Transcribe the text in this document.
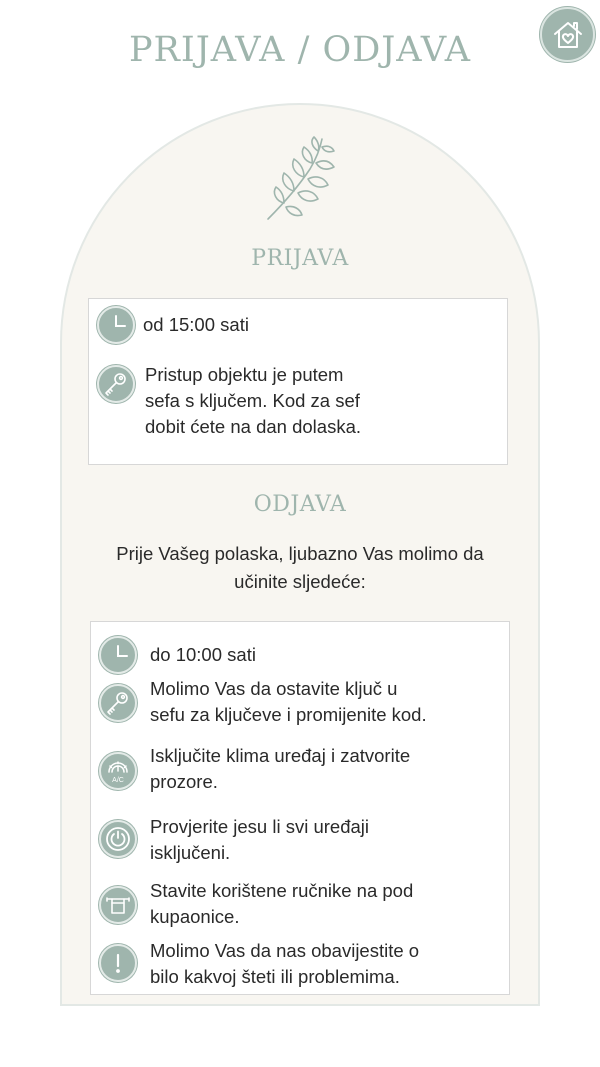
PRIJAVA / ODJAVA
PRIJAVA
od 15:00 sati
Pristup objektu je putem
sefa s ključem. Kod za sef
dobit ćete na dan dolaska.
ODJAVA
Prije Vašeg polaska, ljubazno Vas molimo da
učinite sljedeće:
do 10:00 sati
Molimo Vas da ostavite ključ u
sefu za ključeve i promijenite kod.
A/C
Isključite klima uređaj i zatvorite
prozore.
Provjerite jesu li svi uređaji
isključeni.
Stavite korištene ručnike na pod
kupaonice.
Molimo Vas da nas obavijestite o
bilo kakvoj šteti ili problemima.
